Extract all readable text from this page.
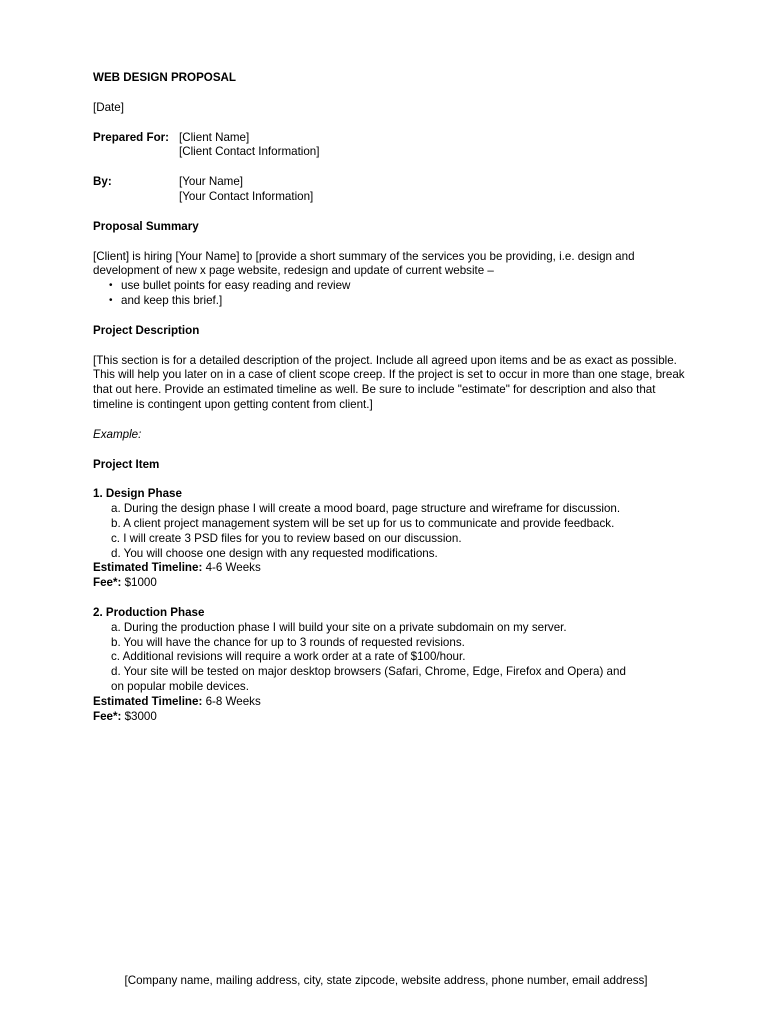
WEB DESIGN PROPOSAL
[Date]
Prepared For: [Client Name]
[Client Contact Information]
By:	[Your Name]
[Your Contact Information]
Proposal Summary
[Client] is hiring [Your Name] to [provide a short summary of the services you be providing, i.e. design and development of new x page website, redesign and update of current website –
• use bullet points for easy reading and review
• and keep this brief.]
Project Description
[This section is for a detailed description of the project. Include all agreed upon items and be as exact as possible. This will help you later on in a case of client scope creep. If the project is set to occur in more than one stage, break that out here. Provide an estimated timeline as well. Be sure to include "estimate" for description and also that timeline is contingent upon getting content from client.]
Example:
Project Item
1. Design Phase
a. During the design phase I will create a mood board, page structure and wireframe for discussion.
b. A client project management system will be set up for us to communicate and provide feedback.
c. I will create 3 PSD files for you to review based on our discussion.
d. You will choose one design with any requested modifications.
Estimated Timeline: 4-6 Weeks
Fee*: $1000
2. Production Phase
a. During the production phase I will build your site on a private subdomain on my server.
b. You will have the chance for up to 3 rounds of requested revisions.
c. Additional revisions will require a work order at a rate of $100/hour.
d. Your site will be tested on major desktop browsers (Safari, Chrome, Edge, Firefox and Opera) and
on popular mobile devices.
Estimated Timeline: 6-8 Weeks
Fee*: $3000
[Company name, mailing address, city, state zipcode, website address, phone number, email address]
